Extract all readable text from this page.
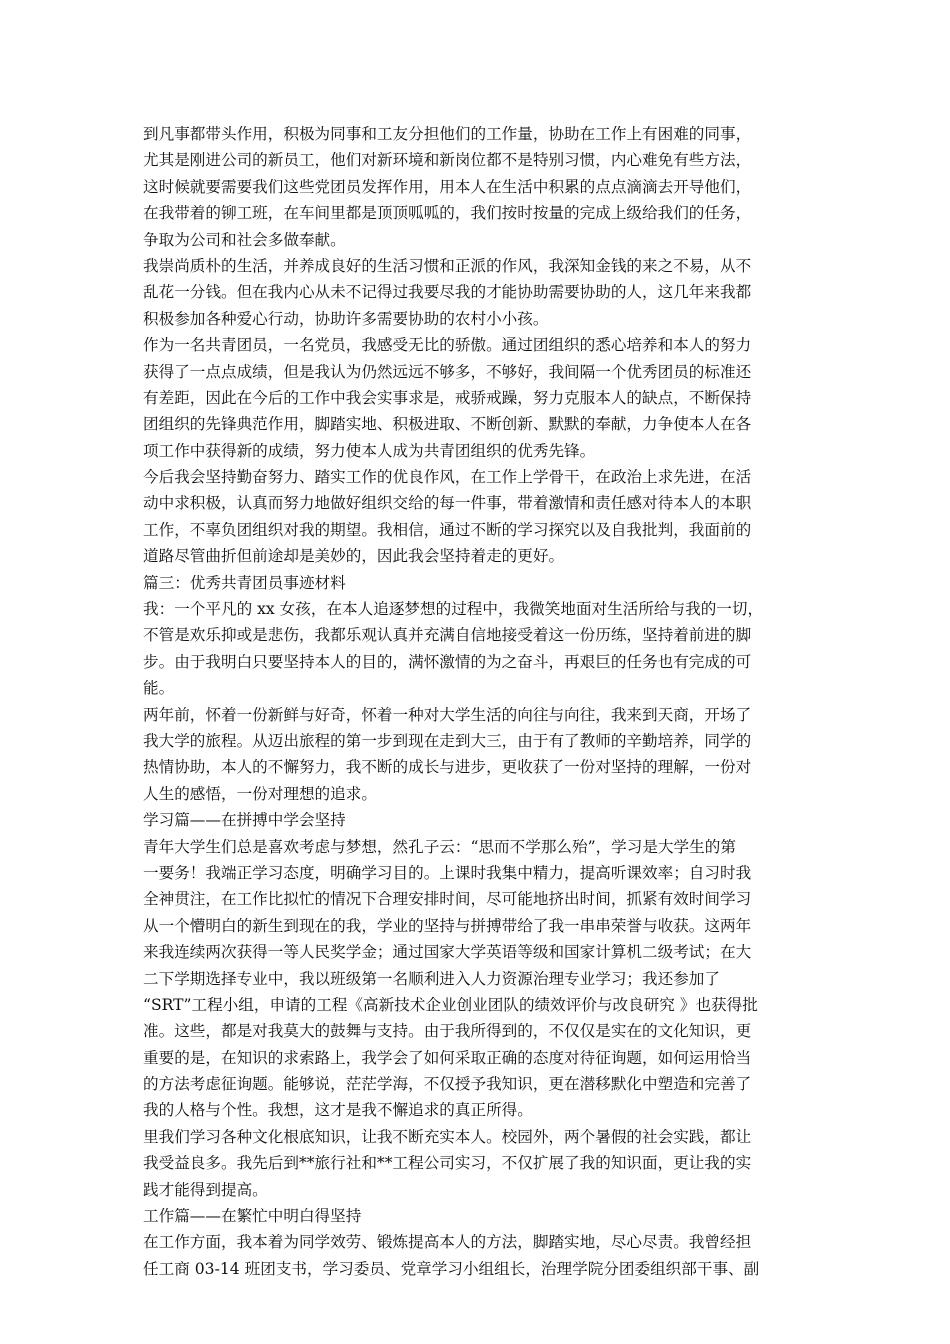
到凡事都带头作用，积极为同事和工友分担他们的工作量，协助在工作上有困难的同事，
尤其是刚进公司的新员工，他们对新环境和新岗位都不是特别习惯，内心难免有些方法，
这时候就要需要我们这些党团员发挥作用，用本人在生活中积累的点点滴滴去开导他们，
在我带着的铆工班，在车间里都是顶顶呱呱的，我们按时按量的完成上级给我们的任务，
争取为公司和社会多做奉献。
我崇尚质朴的生活，并养成良好的生活习惯和正派的作风，我深知金钱的来之不易，从不
乱花一分钱。但在我内心从未不记得过我要尽我的才能协助需要协助的人，这几年来我都
积极参加各种爱心行动，协助许多需要协助的农村小小孩。
作为一名共青团员，一名党员，我感受无比的骄傲。通过团组织的悉心培养和本人的努力
获得了一点点成绩，但是我认为仍然远远不够多，不够好，我间隔一个优秀团员的标准还
有差距，因此在今后的工作中我会实事求是，戒骄戒躁，努力克服本人的缺点，不断保持
团组织的先锋典范作用，脚踏实地、积极进取、不断创新、默默的奉献，力争使本人在各
项工作中获得新的成绩，努力使本人成为共青团组织的优秀先锋。
今后我会坚持勤奋努力、踏实工作的优良作风，在工作上学骨干，在政治上求先进，在活
动中求积极，认真而努力地做好组织交给的每一件事，带着激情和责任感对待本人的本职
工作，不辜负团组织对我的期望。我相信，通过不断的学习探究以及自我批判，我面前的
道路尽管曲折但前途却是美妙的，因此我会坚持着走的更好。
篇三：优秀共青团员事迹材料
我：一个平凡的 xx 女孩，在本人追逐梦想的过程中，我微笑地面对生活所给与我的一切，
不管是欢乐抑或是悲伤，我都乐观认真并充满自信地接受着这一份历练，坚持着前进的脚
步。由于我明白只要坚持本人的目的，满怀激情的为之奋斗，再艰巨的任务也有完成的可
能。
两年前，怀着一份新鲜与好奇，怀着一种对大学生活的向往与向往，我来到天商，开场了
我大学的旅程。从迈出旅程的第一步到现在走到大三，由于有了教师的辛勤培养，同学的
热情协助，本人的不懈努力，我不断的成长与进步，更收获了一份对坚持的理解，一份对
人生的感悟，一份对理想的追求。
学习篇——在拼搏中学会坚持
青年大学生们总是喜欢考虑与梦想，然孔子云：“思而不学那么殆”，学习是大学生的第
一要务！我端正学习态度，明确学习目的。上课时我集中精力，提高听课效率；自习时我
全神贯注，在工作比拟忙的情况下合理安排时间，尽可能地挤出时间，抓紧有效时间学习
从一个懵明白的新生到现在的我，学业的坚持与拼搏带给了我一串串荣誉与收获。这两年
来我连续两次获得一等人民奖学金；通过国家大学英语等级和国家计算机二级考试；在大
二下学期选择专业中，我以班级第一名顺利进入人力资源治理专业学习；我还参加了
“SRT”工程小组，申请的工程《高新技术企业创业团队的绩效评价与改良研究 》也获得批
准。这些，都是对我莫大的鼓舞与支持。由于我所得到的，不仅仅是实在的文化知识，更
重要的是，在知识的求索路上，我学会了如何采取正确的态度对待征询题，如何运用恰当
的方法考虑征询题。能够说，茫茫学海，不仅授予我知识，更在潜移默化中塑造和完善了
我的人格与个性。我想，这才是我不懈追求的真正所得。
里我们学习各种文化根底知识，让我不断充实本人。校园外，两个暑假的社会实践，都让
我受益良多。我先后到**旅行社和**工程公司实习，不仅扩展了我的知识面，更让我的实
践才能得到提高。
工作篇——在繁忙中明白得坚持
在工作方面，我本着为同学效劳、锻炼提高本人的方法，脚踏实地，尽心尽责。我曾经担
任工商 03-14 班团支书，学习委员、党章学习小组组长，治理学院分团委组织部干事、副
